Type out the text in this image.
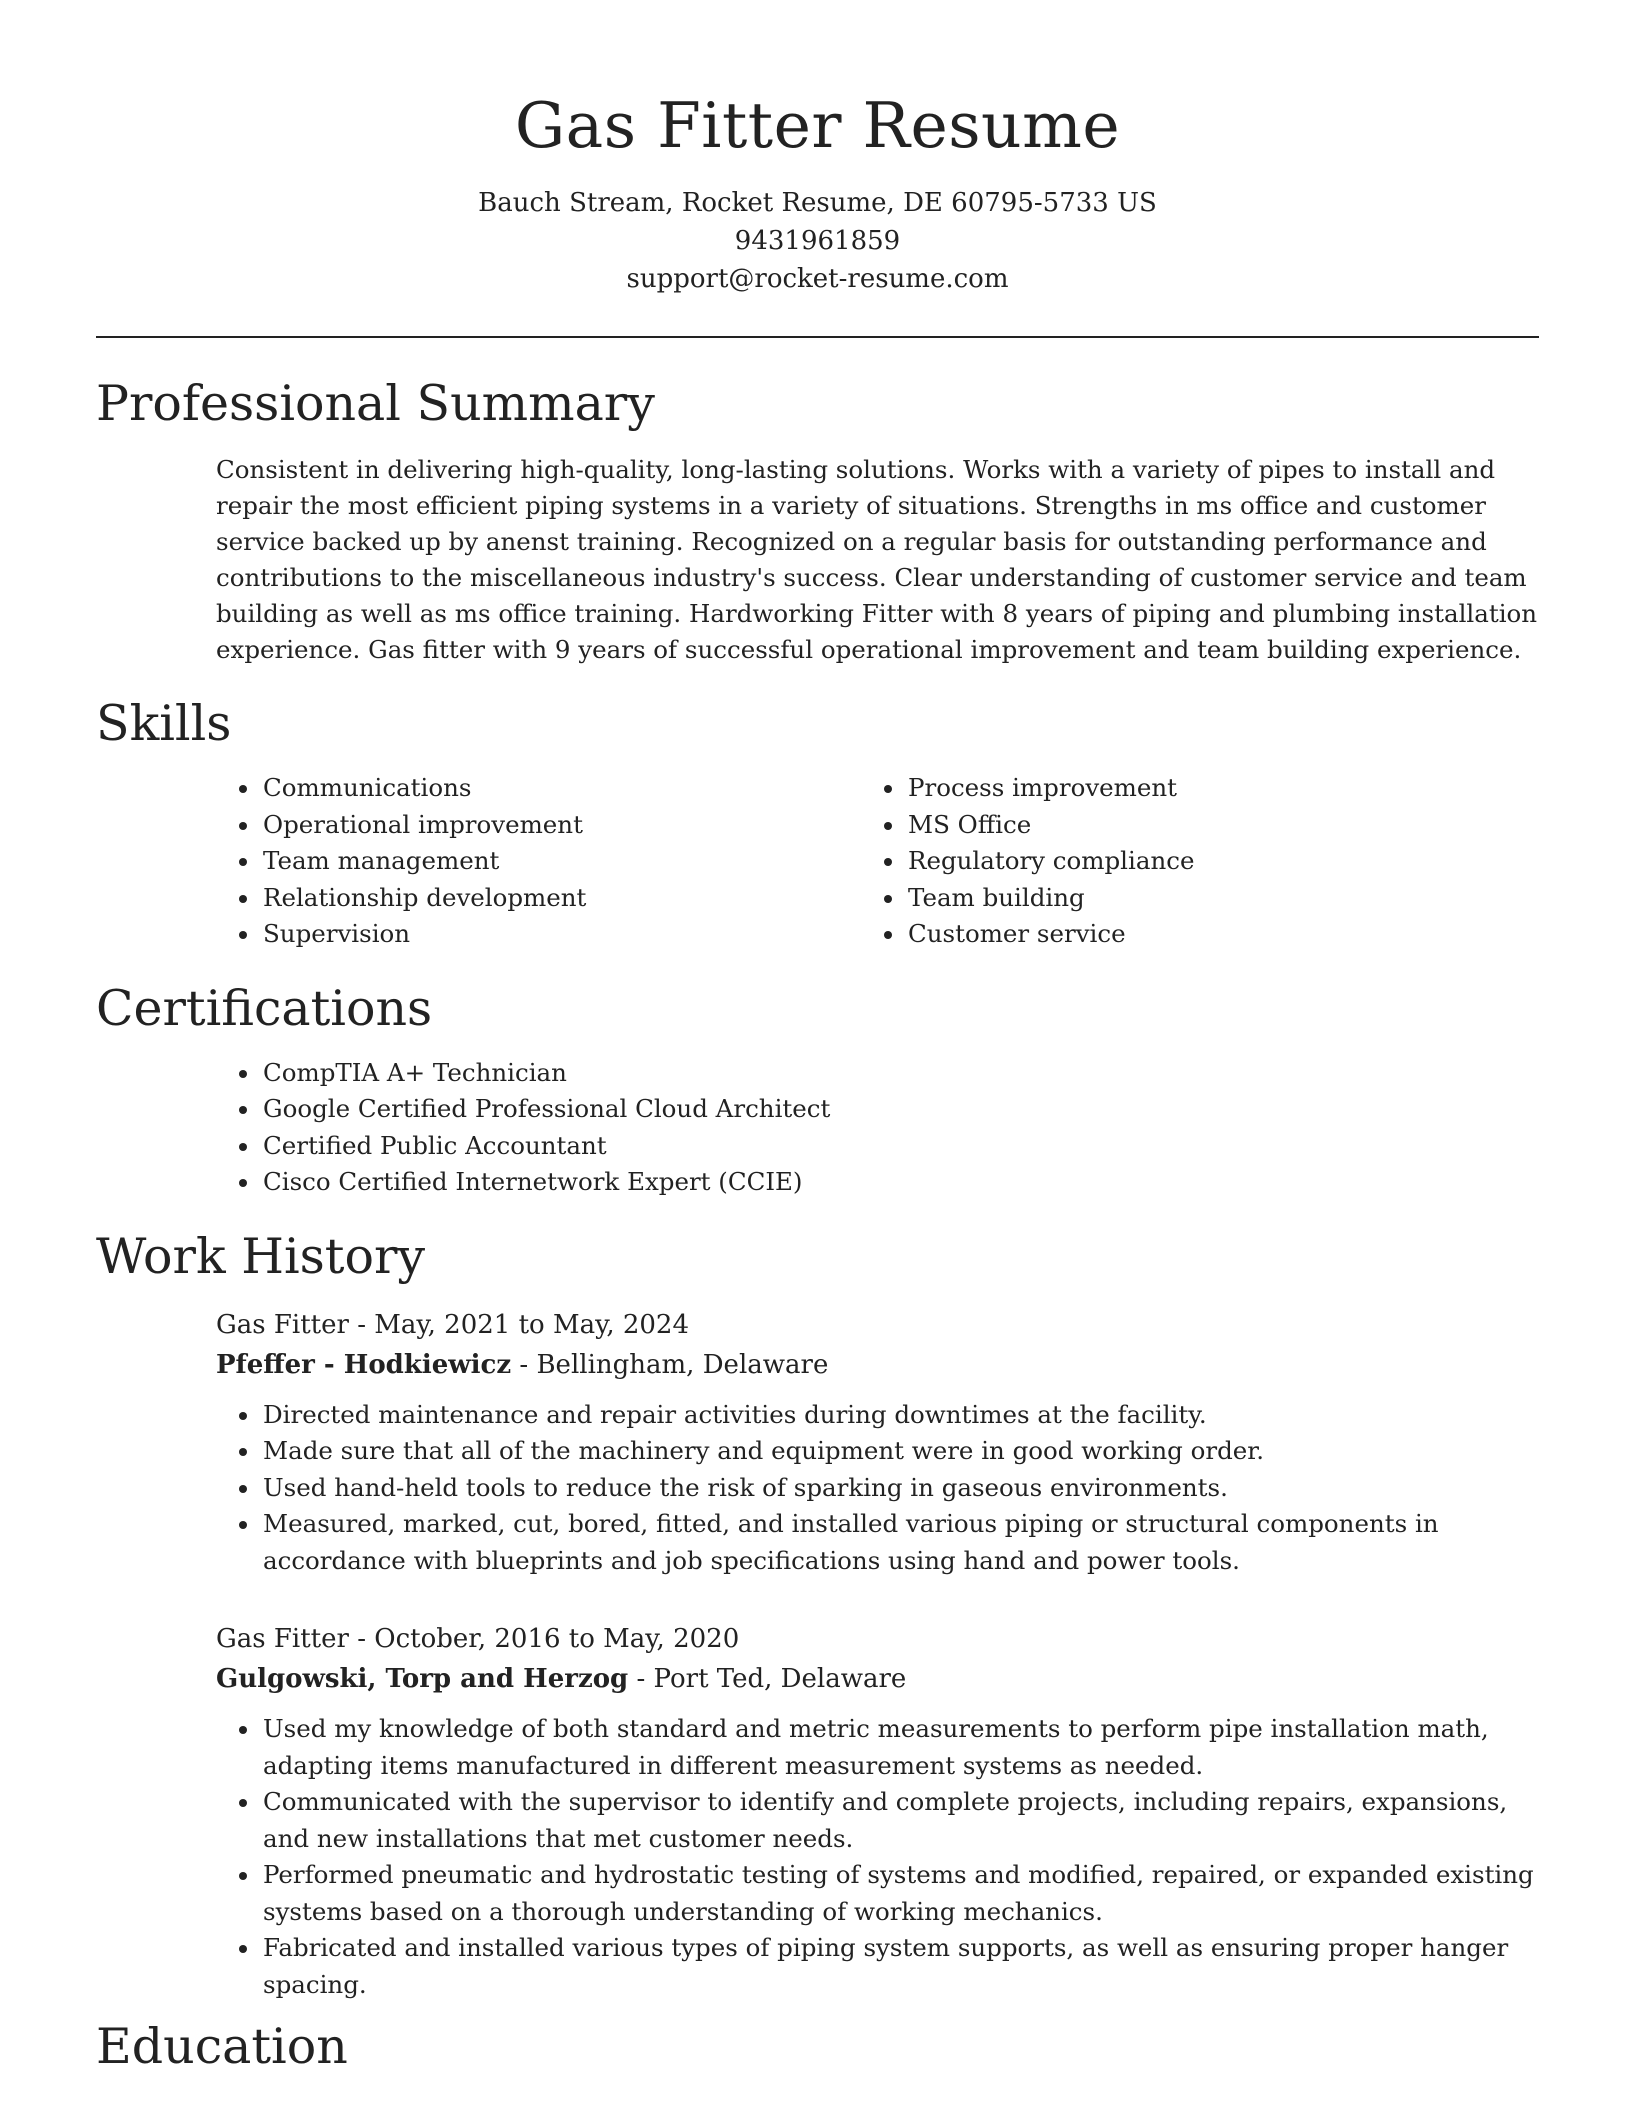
Gas Fitter Resume

Bauch Stream, Rocket Resume, DE 60795-5733 US

9431961859

support@rocket-resume.com

Professional Summary

Consistent in delivering high-quality, long-lasting solutions. Works with a variety of pipes to install and repair the most efficient piping systems in a variety of situations. Strengths in ms office and customer service backed up by anenst training. Recognized on a regular basis for outstanding performance and contributions to the miscellaneous industry's success. Clear understanding of customer service and team building as well as ms office training. Hardworking Fitter with 8 years of piping and plumbing installation experience. Gas fitter with 9 years of successful operational improvement and team building experience.

Skills
• Communications
• Operational improvement
• Team management
• Relationship development
• Supervision
• Process improvement
• MS Office
• Regulatory compliance
• Team building
• Customer service
Certifications
• CompTIA A+ Technician
• Google Certified Professional Cloud Architect
• Certified Public Accountant
• Cisco Certified Internetwork Expert (CCIE)
Work History

Gas Fitter - May, 2021 to May, 2024

Pfeffer - Hodkiewicz - Bellingham, Delaware

• Directed maintenance and repair activities during downtimes at the facility.
• Made sure that all of the machinery and equipment were in good working order.
• Used hand-held tools to reduce the risk of sparking in gaseous environments.
• Measured, marked, cut, bored, fitted, and installed various piping or structural components in accordance with blueprints and job specifications using hand and power tools.

Gas Fitter - October, 2016 to May, 2020

Gulgowski, Torp and Herzog - Port Ted, Delaware

• Used my knowledge of both standard and metric measurements to perform pipe installation math, adapting items manufactured in different measurement systems as needed.
• Communicated with the supervisor to identify and complete projects, including repairs, expansions, and new installations that met customer needs.
• Performed pneumatic and hydrostatic testing of systems and modified, repaired, or expanded existing systems based on a thorough understanding of working mechanics.
• Fabricated and installed various types of piping system supports, as well as ensuring proper hanger spacing.
Education
